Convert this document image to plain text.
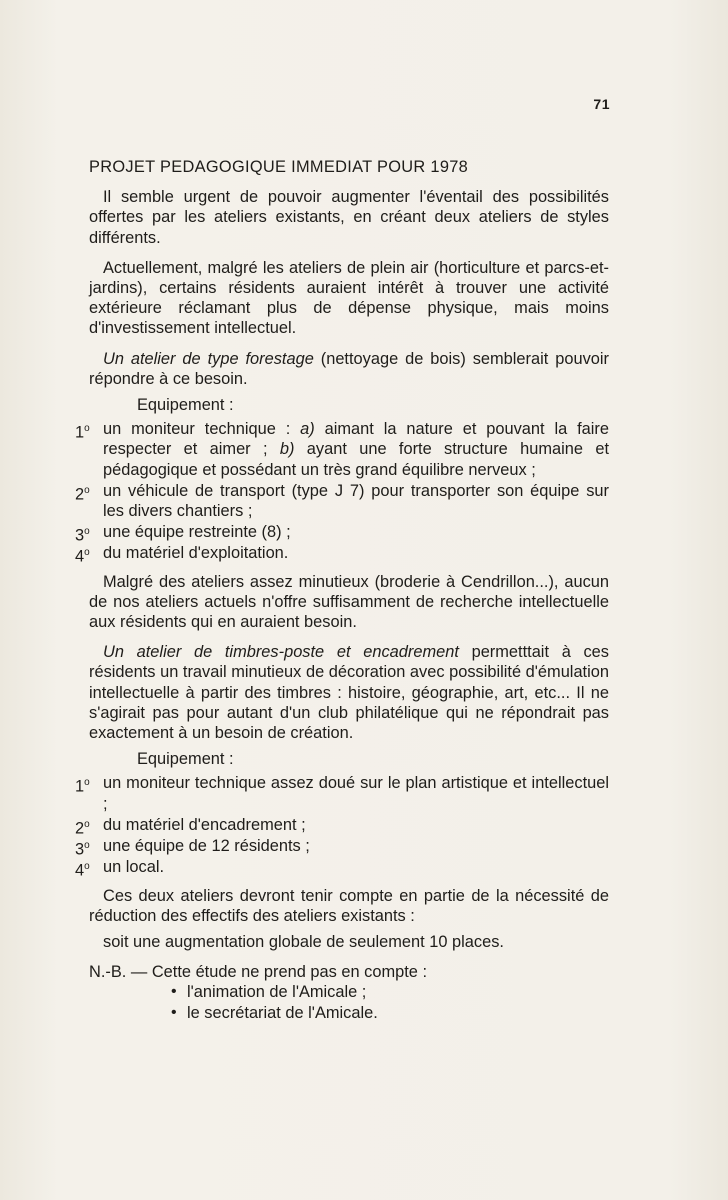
71
PROJET PEDAGOGIQUE IMMEDIAT POUR 1978

Il semble urgent de pouvoir augmenter l'éventail des possibilités offertes par les ateliers existants, en créant deux ateliers de styles différents.

Actuellement, malgré les ateliers de plein air (horticulture et parcs-et-jardins), certains résidents auraient intérêt à trouver une activité extérieure réclamant plus de dépense physique, mais moins d'investissement intellectuel.

Un atelier de type forestage (nettoyage de bois) semblerait pouvoir répondre à ce besoin.

Equipement :
1$^o$ un moniteur technique : a) aimant la nature et pouvant la faire respecter et aimer ; b) ayant une forte structure humaine et pédagogique et possédant un très grand équilibre nerveux ;
2$^o$ un véhicule de transport (type J 7) pour transporter son équipe sur les divers chantiers ;
3$^o$ une équipe restreinte (8) ;
4$^o$ du matériel d'exploitation.

Malgré des ateliers assez minutieux (broderie à Cendrillon...), aucun de nos ateliers actuels n'offre suffisamment de recherche intellectuelle aux résidents qui en auraient besoin.

Un atelier de timbres-poste et encadrement permetttait à ces résidents un travail minutieux de décoration avec possibilité d'émulation intellectuelle à partir des timbres : histoire, géographie, art, etc... Il ne s'agirait pas pour autant d'un club philatélique qui ne répondrait pas exactement à un besoin de création.

Equipement :
1$^o$ un moniteur technique assez doué sur le plan artistique et intellectuel ;
2$^o$ du matériel d'encadrement ;
3$^o$ une équipe de 12 résidents ;
4$^o$ un local.

Ces deux ateliers devront tenir compte en partie de la nécessité de réduction des effectifs des ateliers existants :

soit une augmentation globale de seulement 10 places.

N.-B. — Cette étude ne prend pas en compte :
• l'animation de l'Amicale ;
• le secrétariat de l'Amicale.
